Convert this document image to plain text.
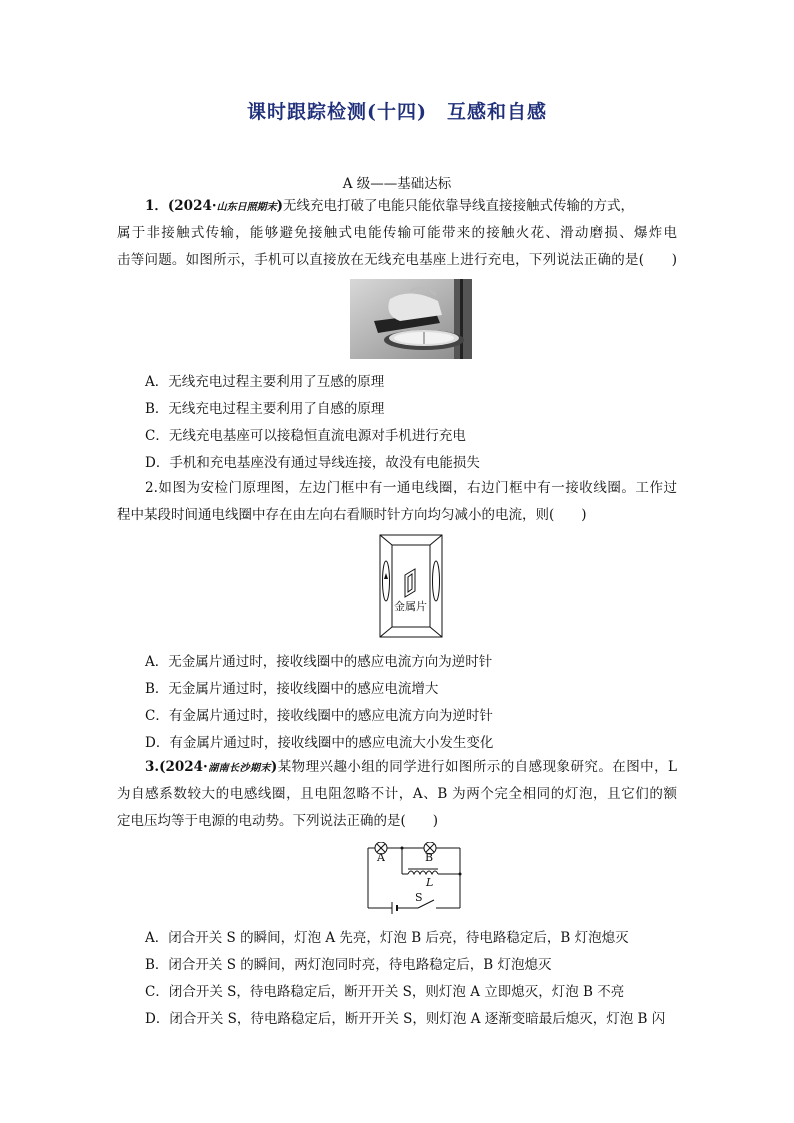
课时跟踪检测(十四)　互感和自感
A 级——基础达标
1．(2024·山东日照期末)无线充电打破了电能只能依靠导线直接接触式传输的方式，
属于非接触式传输，能够避免接触式电能传输可能带来的接触火花、滑动磨损、爆炸电
击等问题。如图所示，手机可以直接放在无线充电基座上进行充电，下列说法正确的是(　　)
A．无线充电过程主要利用了互感的原理
B．无线充电过程主要利用了自感的原理
C．无线充电基座可以接稳恒直流电源对手机进行充电
D．手机和充电基座没有通过导线连接，故没有电能损失
2.如图为安检门原理图，左边门框中有一通电线圈，右边门框中有一接收线圈。工作过
程中某段时间通电线圈中存在由左向右看顺时针方向均匀减小的电流，则(　　)
金属片
A．无金属片通过时，接收线圈中的感应电流方向为逆时针
B．无金属片通过时，接收线圈中的感应电流增大
C．有金属片通过时，接收线圈中的感应电流方向为逆时针
D．有金属片通过时，接收线圈中的感应电流大小发生变化
3.(2024·湖南长沙期末)某物理兴趣小组的同学进行如图所示的自感现象研究。在图中，L
为自感系数较大的电感线圈，且电阻忽略不计，A、B 为两个完全相同的灯泡，且它们的额
定电压均等于电源的电动势。下列说法正确的是(　　)
A	B
L
S
A．闭合开关 S 的瞬间，灯泡 A 先亮，灯泡 B 后亮，待电路稳定后，B 灯泡熄灭
B．闭合开关 S 的瞬间，两灯泡同时亮，待电路稳定后，B 灯泡熄灭
C．闭合开关 S，待电路稳定后，断开开关 S，则灯泡 A 立即熄灭，灯泡 B 不亮
D．闭合开关 S，待电路稳定后，断开开关 S，则灯泡 A 逐渐变暗最后熄灭，灯泡 B 闪
